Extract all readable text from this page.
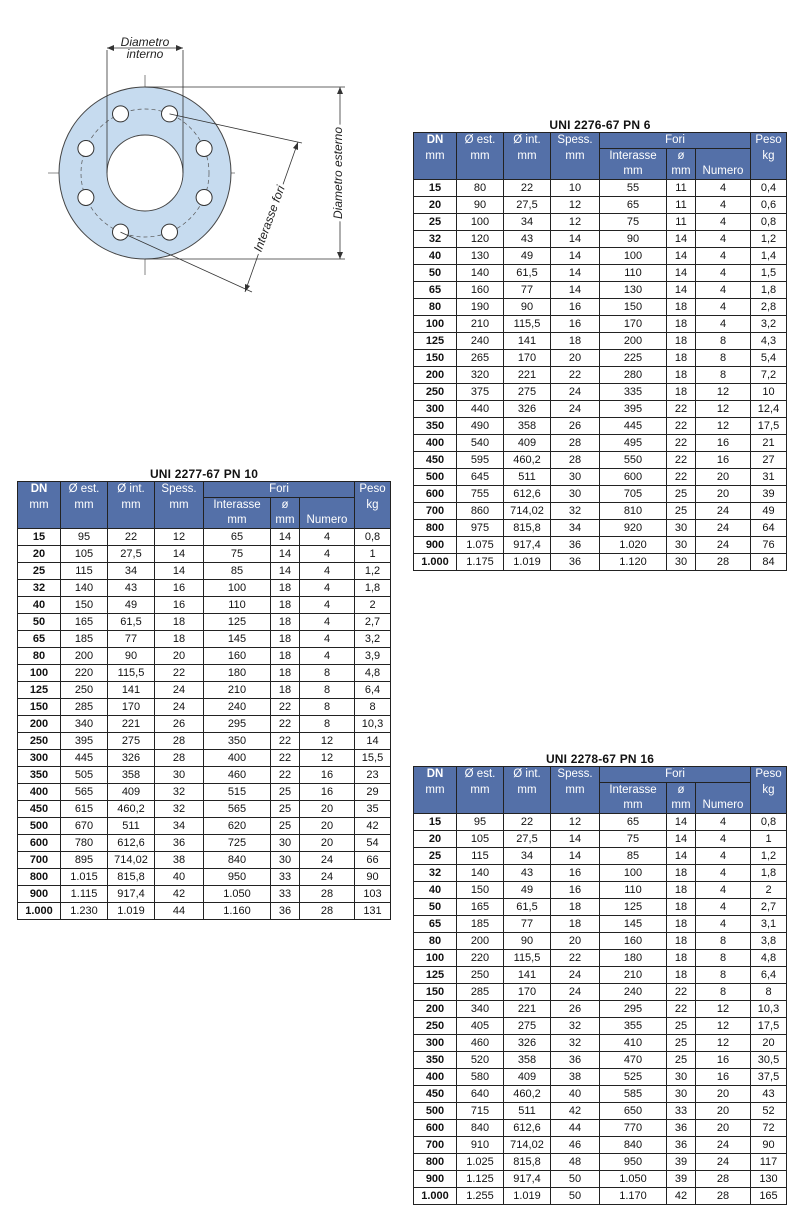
Diametro
interno
Diametro esterno
Interasse fori
UNI 2276-67 PN 6
DN	Ø est.	Ø int.	Spess.	Fori			Peso
mm	mm	mm	mm	Interasse	ø		kg
				mm	mm	Numero	
15	80	22	10	55	11	4	0,4
20	90	27,5	12	65	11	4	0,6
25	100	34	12	75	11	4	0,8
32	120	43	14	90	14	4	1,2
40	130	49	14	100	14	4	1,4
50	140	61,5	14	110	14	4	1,5
65	160	77	14	130	14	4	1,8
80	190	90	16	150	18	4	2,8
100	210	115,5	16	170	18	4	3,2
125	240	141	18	200	18	8	4,3
150	265	170	20	225	18	8	5,4
200	320	221	22	280	18	8	7,2
250	375	275	24	335	18	12	10
300	440	326	24	395	22	12	12,4
350	490	358	26	445	22	12	17,5
400	540	409	28	495	22	16	21
450	595	460,2	28	550	22	16	27
500	645	511	30	600	22	20	31
600	755	612,6	30	705	25	20	39
700	860	714,02	32	810	25	24	49
800	975	815,8	34	920	30	24	64
900	1.075	917,4	36	1.020	30	24	76
1.000	1.175	1.019	36	1.120	30	28	84
UNI 2277-67 PN 10
DN	Ø est.	Ø int.	Spess.	Fori			Peso
mm	mm	mm	mm	Interasse	ø		kg
				mm	mm	Numero	
15	95	22	12	65	14	4	0,8
20	105	27,5	14	75	14	4	1
25	115	34	14	85	14	4	1,2
32	140	43	16	100	18	4	1,8
40	150	49	16	110	18	4	2
50	165	61,5	18	125	18	4	2,7
65	185	77	18	145	18	4	3,2
80	200	90	20	160	18	4	3,9
100	220	115,5	22	180	18	8	4,8
125	250	141	24	210	18	8	6,4
150	285	170	24	240	22	8	8
200	340	221	26	295	22	8	10,3
250	395	275	28	350	22	12	14
300	445	326	28	400	22	12	15,5
350	505	358	30	460	22	16	23
400	565	409	32	515	25	16	29
450	615	460,2	32	565	25	20	35
500	670	511	34	620	25	20	42
600	780	612,6	36	725	30	20	54
700	895	714,02	38	840	30	24	66
800	1.015	815,8	40	950	33	24	90
900	1.115	917,4	42	1.050	33	28	103
1.000	1.230	1.019	44	1.160	36	28	131
UNI 2278-67 PN 16
DN	Ø est.	Ø int.	Spess.	Fori			Peso
mm	mm	mm	mm	Interasse	ø		kg
				mm	mm	Numero	
15	95	22	12	65	14	4	0,8
20	105	27,5	14	75	14	4	1
25	115	34	14	85	14	4	1,2
32	140	43	16	100	18	4	1,8
40	150	49	16	110	18	4	2
50	165	61,5	18	125	18	4	2,7
65	185	77	18	145	18	4	3,1
80	200	90	20	160	18	8	3,8
100	220	115,5	22	180	18	8	4,8
125	250	141	24	210	18	8	6,4
150	285	170	24	240	22	8	8
200	340	221	26	295	22	12	10,3
250	405	275	32	355	25	12	17,5
300	460	326	32	410	25	12	20
350	520	358	36	470	25	16	30,5
400	580	409	38	525	30	16	37,5
450	640	460,2	40	585	30	20	43
500	715	511	42	650	33	20	52
600	840	612,6	44	770	36	20	72
700	910	714,02	46	840	36	24	90
800	1.025	815,8	48	950	39	24	117
900	1.125	917,4	50	1.050	39	28	130
1.000	1.255	1.019	50	1.170	42	28	165
